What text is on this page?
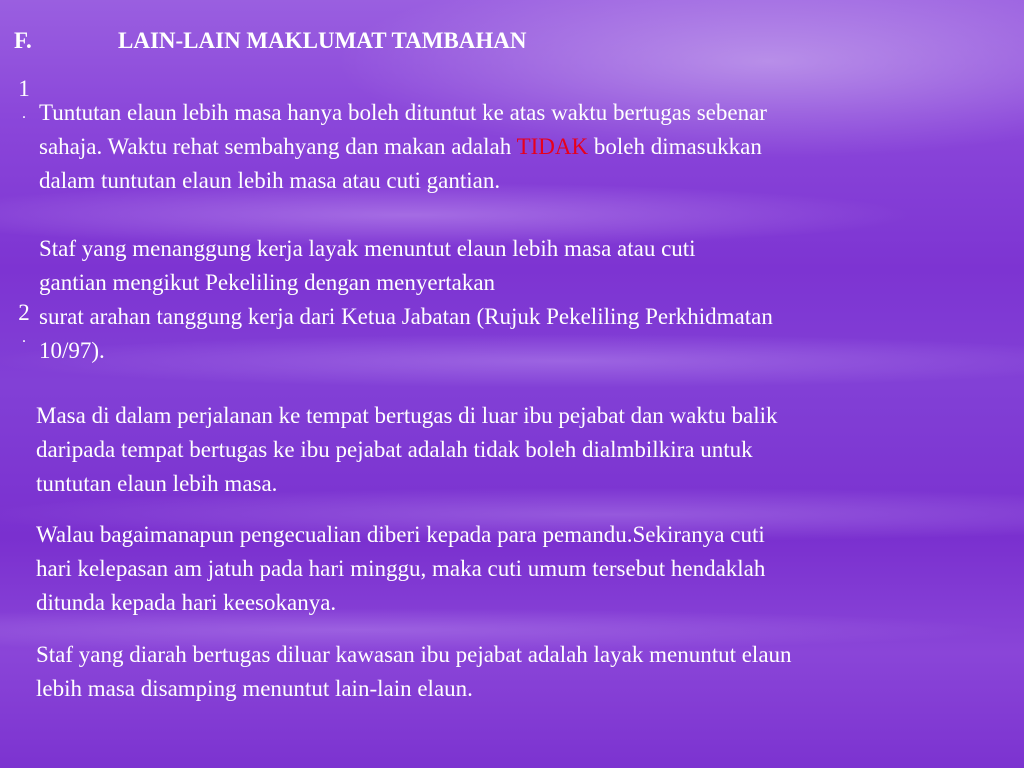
F.	LAIN-LAIN MAKLUMAT TAMBAHAN
1
. Tuntutan elaun lebih masa hanya boleh dituntut ke atas waktu bertugas sebenar
sahaja. Waktu rehat sembahyang dan makan adalah TIDAK boleh dimasukkan
dalam tuntutan elaun lebih masa atau cuti gantian.
2
.
Staf yang menanggung kerja layak menuntut elaun lebih masa atau cuti
gantian mengikut Pekeliling dengan menyertakan
surat arahan tanggung kerja dari Ketua Jabatan (Rujuk Pekeliling Perkhidmatan
10/97).
Masa di dalam perjalanan ke tempat bertugas di luar ibu pejabat dan waktu balik
daripada tempat bertugas ke ibu pejabat adalah tidak boleh dialmbilkira untuk
tuntutan elaun lebih masa.
Walau bagaimanapun pengecualian diberi kepada para pemandu.Sekiranya cuti
hari kelepasan am jatuh pada hari minggu, maka cuti umum tersebut hendaklah
ditunda kepada hari keesokanya.
Staf yang diarah bertugas diluar kawasan ibu pejabat adalah layak menuntut elaun
lebih masa disamping menuntut lain-lain elaun.
